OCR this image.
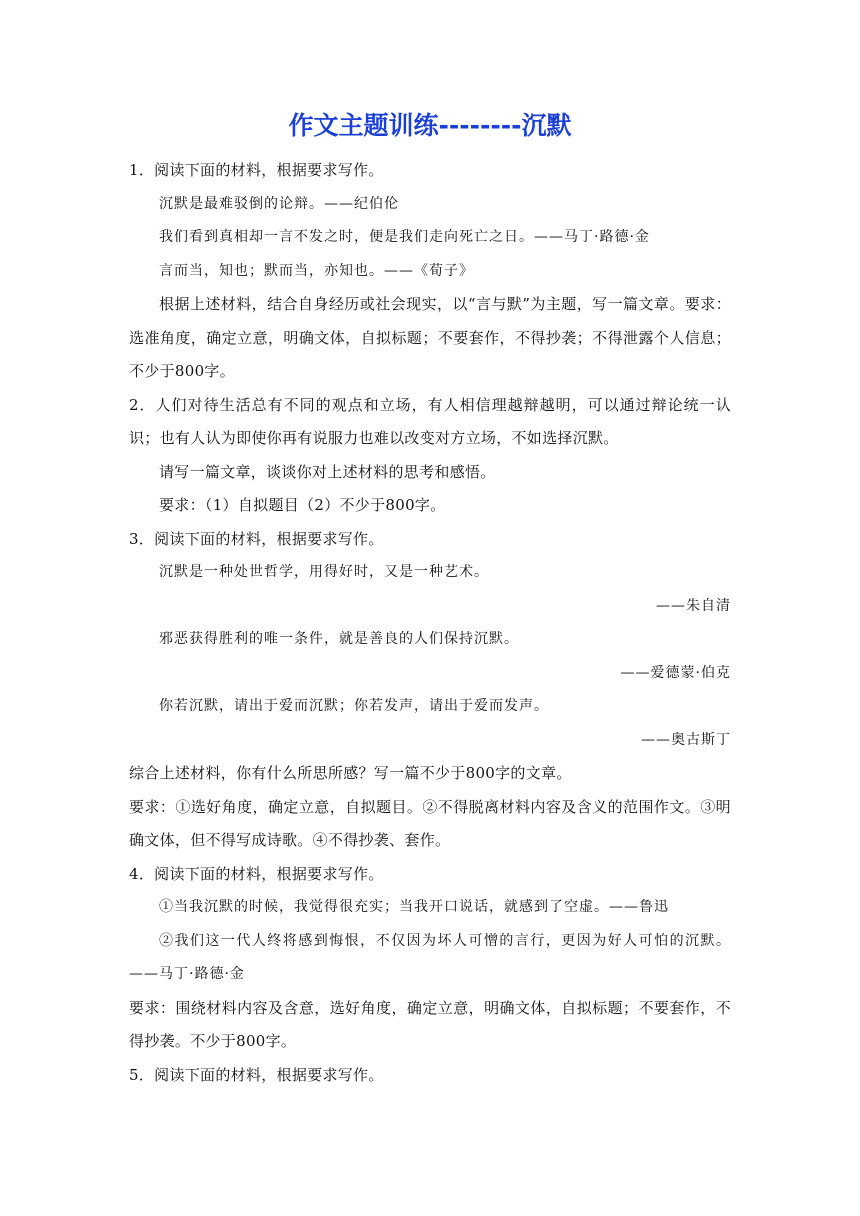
作文主题训练--------沉默

1．阅读下面的材料，根据要求写作。

沉默是最难驳倒的论辩。——纪伯伦

我们看到真相却一言不发之时，便是我们走向死亡之日。——马丁·路德·金

言而当，知也；默而当，亦知也。——《荀子》

根据上述材料，结合自身经历或社会现实，以“言与默”为主题，写一篇文章。要求：选准角度，确定立意，明确文体，自拟标题；不要套作，不得抄袭；不得泄露个人信息；不少于800字。

2．人们对待生活总有不同的观点和立场，有人相信理越辩越明，可以通过辩论统一认识；也有人认为即使你再有说服力也难以改变对方立场，不如选择沉默。

请写一篇文章，谈谈你对上述材料的思考和感悟。

要求：（1）自拟题目（2）不少于800字。

3．阅读下面的材料，根据要求写作。

沉默是一种处世哲学，用得好时，又是一种艺术。

——朱自清

邪恶获得胜利的唯一条件，就是善良的人们保持沉默。

——爱德蒙·伯克

你若沉默，请出于爱而沉默；你若发声，请出于爱而发声。

——奥古斯丁

综合上述材料，你有什么所思所感？写一篇不少于800字的文章。

要求：①选好角度，确定立意，自拟题目。②不得脱离材料内容及含义的范围作文。③明确文体，但不得写成诗歌。④不得抄袭、套作。

4．阅读下面的材料，根据要求写作。

①当我沉默的时候，我觉得很充实；当我开口说话，就感到了空虚。——鲁迅

②我们这一代人终将感到悔恨，不仅因为坏人可憎的言行，更因为好人可怕的沉默。——马丁·路德·金

要求：围绕材料内容及含意，选好角度，确定立意，明确文体，自拟标题；不要套作，不得抄袭。不少于800字。

5．阅读下面的材料，根据要求写作。
